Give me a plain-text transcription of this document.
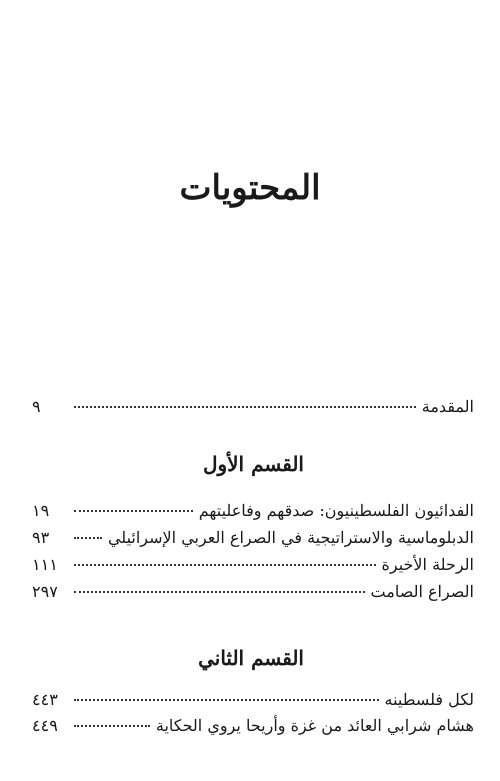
المحتويات
المقدمة
٩
القسم الأول
الفدائيون الفلسطينيون: صدقهم وفاعليتهم
١٩
الدبلوماسية والاستراتيجية في الصراع العربي الإسرائيلي
٩٣
الرحلة الأخيرة
١١١
الصراع الصامت
٢٩٧
القسم الثاني
لكل فلسطينه
٤٤٣
هشام شرابي العائد من غزة وأريحا يروي الحكاية
٤٤٩
